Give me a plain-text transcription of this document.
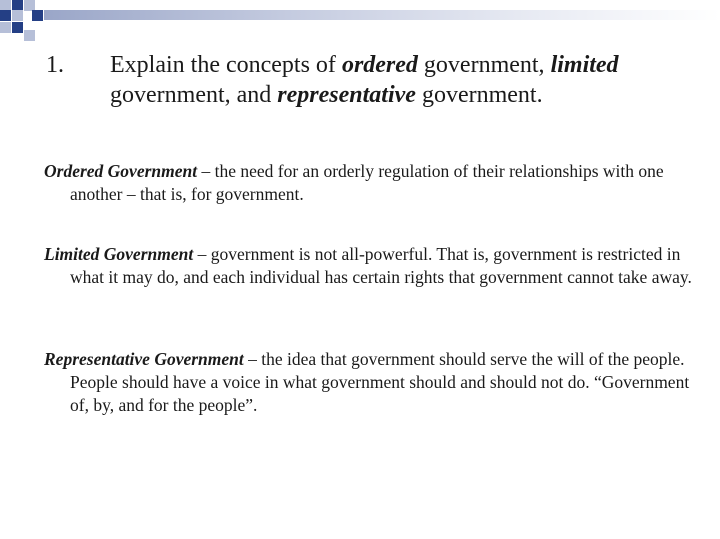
1. Explain the concepts of ordered government, limited government, and representative government.
Ordered Government – the need for an orderly regulation of their relationships with one another – that is, for government.
Limited Government – government is not all-powerful. That is, government is restricted in what it may do, and each individual has certain rights that government cannot take away.
Representative Government – the idea that government should serve the will of the people. People should have a voice in what government should and should not do. “Government of, by, and for the people”.
